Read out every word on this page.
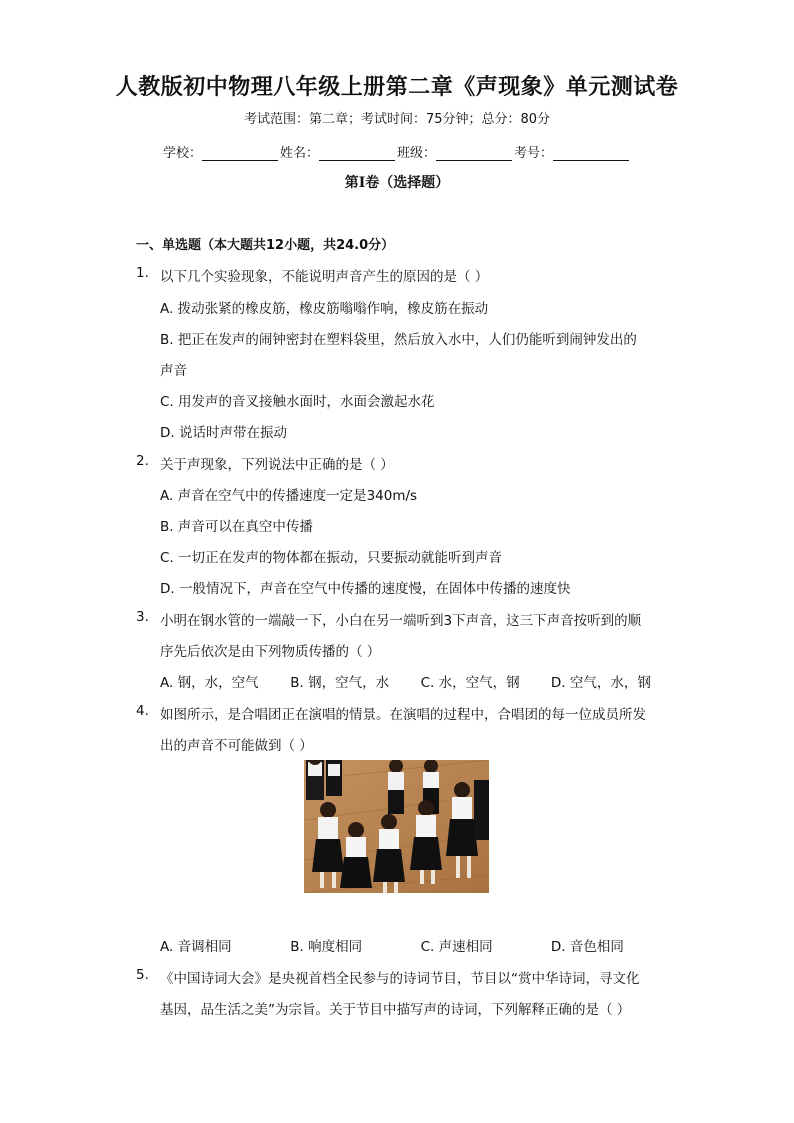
人教版初中物理八年级上册第二章《声现象》单元测试卷
考试范围：第二章；考试时间：75分钟；总分：80分
学校：	姓名：	班级：	考号：
第I卷（选择题）
一、单选题（本大题共12小题，共24.0分）
1. 以下几个实验现象，不能说明声音产生的原因的是（ ）
A. 拨动张紧的橡皮筋，橡皮筋嗡嗡作响，橡皮筋在振动
B. 把正在发声的闹钟密封在塑料袋里，然后放入水中，人们仍能听到闹钟发出的
声音
C. 用发声的音叉接触水面时，水面会激起水花
D. 说话时声带在振动
2. 关于声现象，下列说法中正确的是（ ）
A. 声音在空气中的传播速度一定是340m/s
B. 声音可以在真空中传播
C. 一切正在发声的物体都在振动，只要振动就能听到声音
D. 一般情况下，声音在空气中传播的速度慢，在固体中传播的速度快
3. 小明在钢水管的一端敲一下，小白在另一端听到3下声音，这三下声音按听到的顺
序先后依次是由下列物质传播的（ ）
A. 钢，水，空气 B. 钢，空气，水 C. 水，空气，钢 D. 空气，水，钢
4. 如图所示，是合唱团正在演唱的情景。在演唱的过程中，合唱团的每一位成员所发
出的声音不可能做到（ ）
A. 音调相同	B. 响度相同	C. 声速相同	D. 音色相同
5. 《中国诗词大会》是央视首档全民参与的诗词节目，节目以“赏中华诗词，寻文化
基因，品生活之美”为宗旨。关于节目中描写声的诗词，下列解释正确的是（ ）
